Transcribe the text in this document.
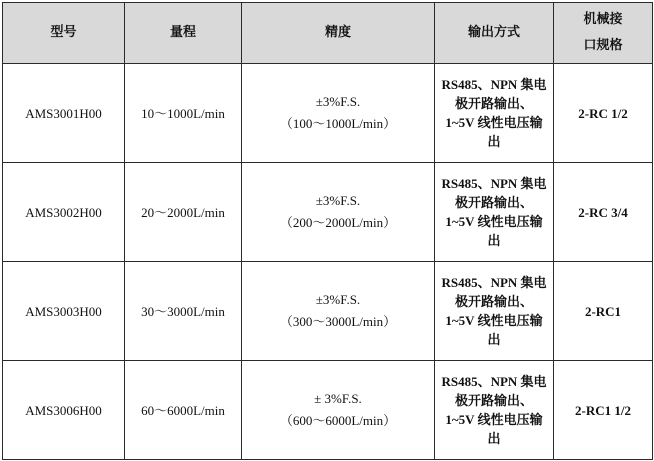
型号	量程	精度	输出方式	机械接
口规格

AMS3001H00	10～1000L/min	±3%F.S.
（100～1000L/min）	RS485、NPN 集电
极开路输出、
1~5V 线性电压输
出	2-RC 1/2
AMS3002H00	20～2000L/min	±3%F.S.
（200～2000L/min）	RS485、NPN 集电
极开路输出、
1~5V 线性电压输
出	2-RC 3/4
AMS3003H00	30～3000L/min	±3%F.S.
（300～3000L/min）	RS485、NPN 集电
极开路输出、
1~5V 线性电压输
出	2-RC1
AMS3006H00	60～6000L/min	± 3%F.S.
（600～6000L/min）	RS485、NPN 集电
极开路输出、
1~5V 线性电压输
出	2-RC1 1/2
